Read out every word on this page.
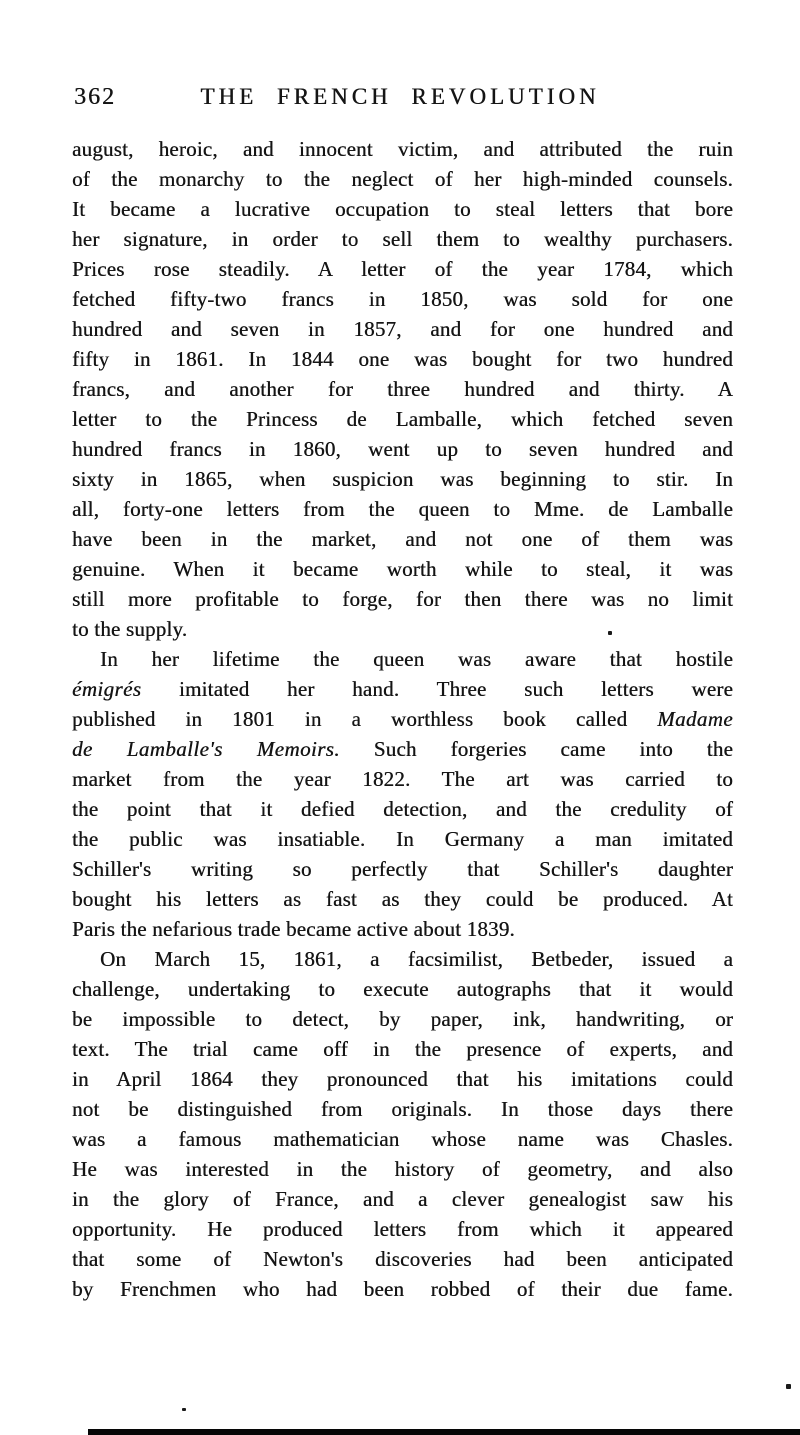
362	THE FRENCH REVOLUTION
august, heroic, and innocent victim, and attributed the ruin
of the monarchy to the neglect of her high-minded counsels.
It became a lucrative occupation to steal letters that bore
her signature, in order to sell them to wealthy purchasers.
Prices rose steadily. A letter of the year 1784, which
fetched fifty-two francs in 1850, was sold for one
hundred and seven in 1857, and for one hundred and
fifty in 1861. In 1844 one was bought for two hundred
francs, and another for three hundred and thirty. A
letter to the Princess de Lamballe, which fetched seven
hundred francs in 1860, went up to seven hundred and
sixty in 1865, when suspicion was beginning to stir. In
all, forty-one letters from the queen to Mme. de Lamballe
have been in the market, and not one of them was
genuine. When it became worth while to steal, it was
still more profitable to forge, for then there was no limit
to the supply.
In her lifetime the queen was aware that hostile
émigrés imitated her hand. Three such letters were
published in 1801 in a worthless book called Madame
de Lamballe's Memoirs. Such forgeries came into the
market from the year 1822. The art was carried to
the point that it defied detection, and the credulity of
the public was insatiable. In Germany a man imitated
Schiller's writing so perfectly that Schiller's daughter
bought his letters as fast as they could be produced. At
Paris the nefarious trade became active about 1839.
On March 15, 1861, a facsimilist, Betbeder, issued a
challenge, undertaking to execute autographs that it would
be impossible to detect, by paper, ink, handwriting, or
text. The trial came off in the presence of experts, and
in April 1864 they pronounced that his imitations could
not be distinguished from originals. In those days there
was a famous mathematician whose name was Chasles.
He was interested in the history of geometry, and also
in the glory of France, and a clever genealogist saw his
opportunity. He produced letters from which it appeared
that some of Newton's discoveries had been anticipated
by Frenchmen who had been robbed of their due fame.
